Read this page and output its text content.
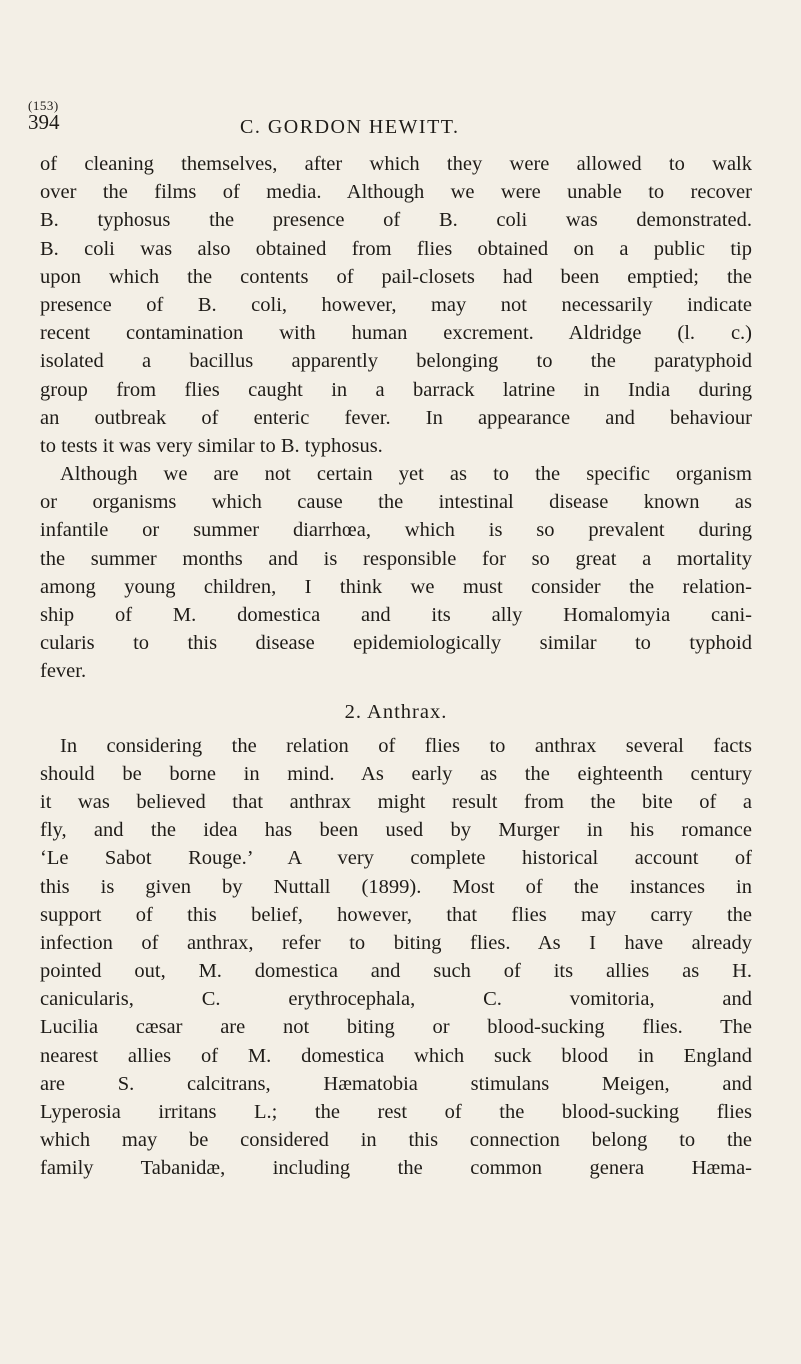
(153)
394	C. GORDON HEWITT.
of cleaning themselves, after which they were allowed to walk
over the films of media. Although we were unable to recover
B. typhosus the presence of B. coli was demonstrated.
B. coli was also obtained from flies obtained on a public tip
upon which the contents of pail-closets had been emptied; the
presence of B. coli, however, may not necessarily indicate
recent contamination with human excrement. Aldridge (l. c.)
isolated a bacillus apparently belonging to the paratyphoid
group from flies caught in a barrack latrine in India during
an outbreak of enteric fever. In appearance and behaviour
to tests it was very similar to B. typhosus.
Although we are not certain yet as to the specific organism
or organisms which cause the intestinal disease known as
infantile or summer diarrhœa, which is so prevalent during
the summer months and is responsible for so great a mortality
among young children, I think we must consider the relation-
ship of M. domestica and its ally Homalomyia cani-
cularis to this disease epidemiologically similar to typhoid
fever.
2. Anthrax.
In considering the relation of flies to anthrax several facts
should be borne in mind. As early as the eighteenth century
it was believed that anthrax might result from the bite of a
fly, and the idea has been used by Murger in his romance
‘Le Sabot Rouge.’ A very complete historical account of
this is given by Nuttall (1899). Most of the instances in
support of this belief, however, that flies may carry the
infection of anthrax, refer to biting flies. As I have already
pointed out, M. domestica and such of its allies as H.
canicularis, C. erythrocephala, C. vomitoria, and
Lucilia cæsar are not biting or blood-sucking flies. The
nearest allies of M. domestica which suck blood in England
are S. calcitrans, Hæmatobia stimulans Meigen, and
Lyperosia irritans L.; the rest of the blood-sucking flies
which may be considered in this connection belong to the
family Tabanidæ, including the common genera Hæma-
